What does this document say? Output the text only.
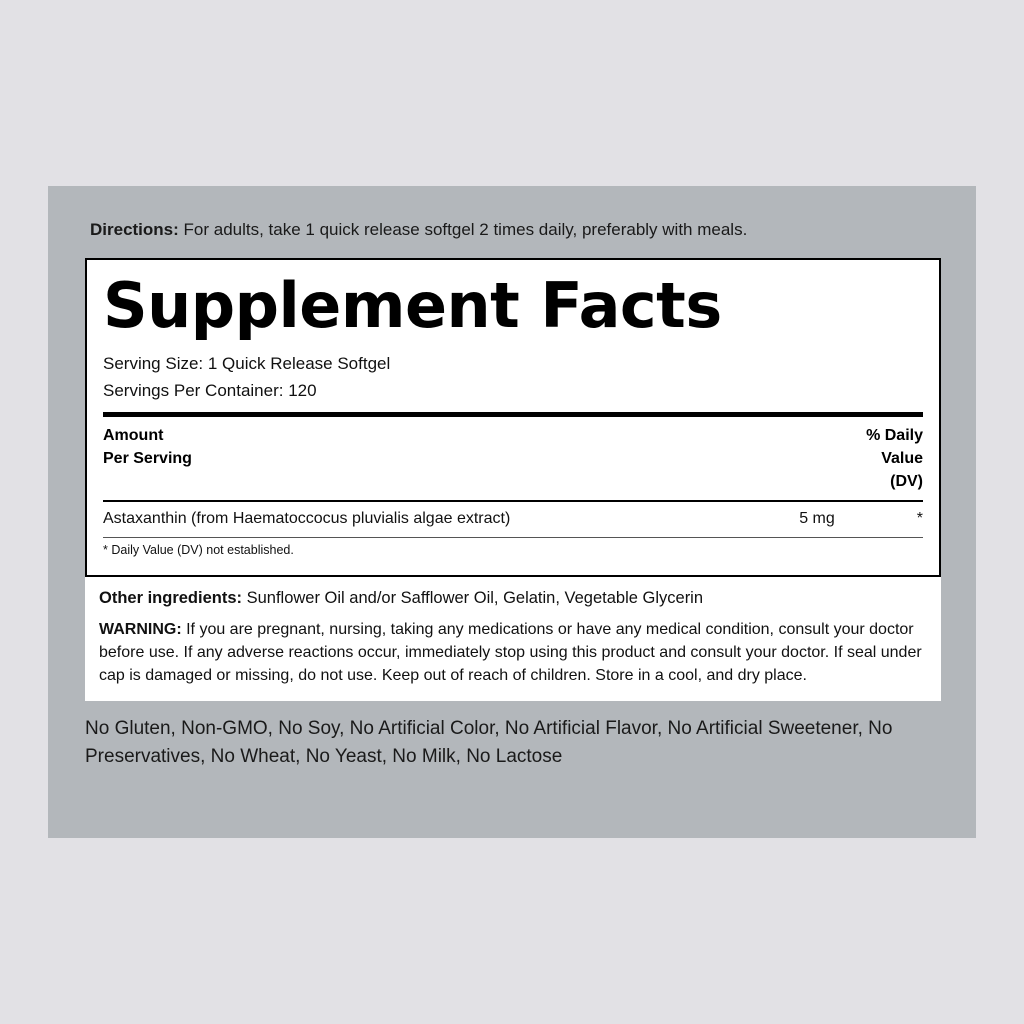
Directions: For adults, take 1 quick release softgel 2 times daily, preferably with meals.
Supplement Facts
Serving Size: 1 Quick Release Softgel
Servings Per Container: 120
Amount
Per Serving
% Daily
Value
(DV)
Astaxanthin (from Haematoccocus pluvialis algae extract)	5 mg	*
* Daily Value (DV) not established.
Other ingredients: Sunflower Oil and/or Safflower Oil, Gelatin, Vegetable Glycerin
WARNING: If you are pregnant, nursing, taking any medications or have any medical condition, consult your doctor before use. If any adverse reactions occur, immediately stop using this product and consult your doctor. If seal under cap is damaged or missing, do not use. Keep out of reach of children. Store in a cool, and dry place.
No Gluten, Non-GMO, No Soy, No Artificial Color, No Artificial Flavor, No Artificial Sweetener, No Preservatives, No Wheat, No Yeast, No Milk, No Lactose
